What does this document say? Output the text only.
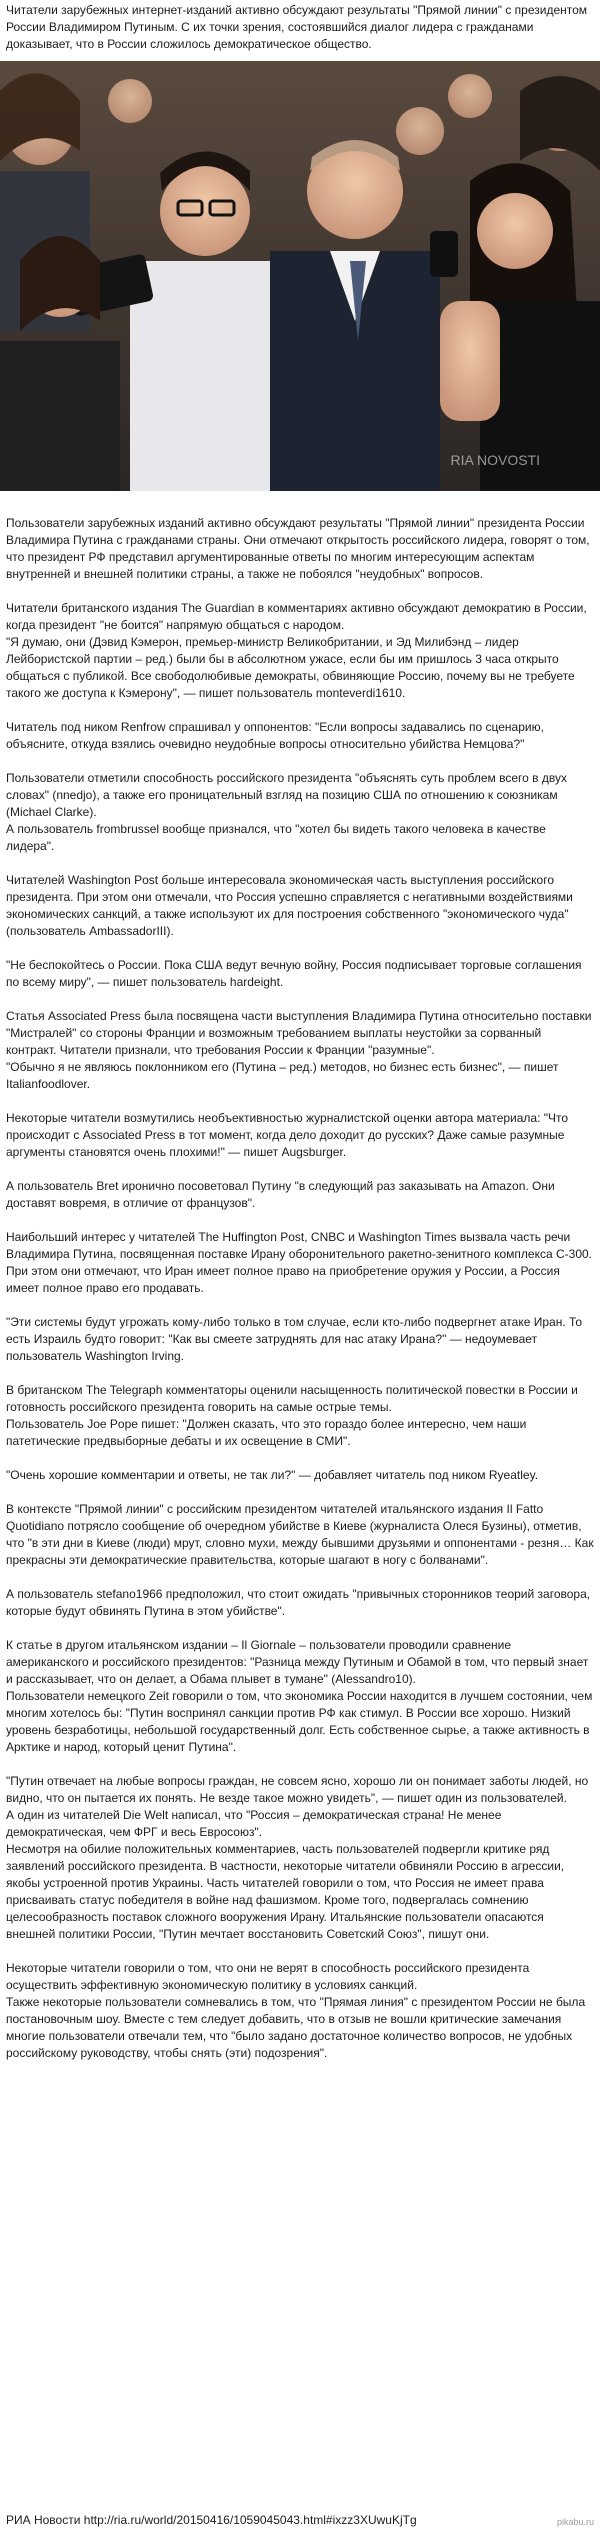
Читатели зарубежных интернет-изданий активно обсуждают результаты "Прямой линии" с президентом России Владимиром Путиным. С их точки зрения, состоявшийся диалог лидера с гражданами доказывает, что в России сложилось демократическое общество.
RIA NOVOSTI

Пользователи зарубежных изданий активно обсуждают результаты "Прямой линии" президента России Владимира Путина с гражданами страны. Они отмечают открытость российского лидера, говорят о том, что президент РФ представил аргументированные ответы по многим интересующим аспектам внутренней и внешней политики страны, а также не побоялся "неудобных" вопросов.

Читатели британского издания The Guardian в комментариях активно обсуждают демократию в России, когда президент "не боится" напрямую общаться с народом.

"Я думаю, они (Дэвид Кэмерон, премьер-министр Великобритании, и Эд Милибэнд – лидер Лейбористской партии – ред.) были бы в абсолютном ужасе, если бы им пришлось 3 часа открыто общаться с публикой. Все свободолюбивые демократы, обвиняющие Россию, почему вы не требуете такого же доступа к Кэмерону", — пишет пользователь monteverdi1610.

Читатель под ником Renfrow спрашивал у оппонентов: "Если вопросы задавались по сценарию, объясните, откуда взялись очевидно неудобные вопросы относительно убийства Немцова?"

Пользователи отметили способность российского президента "объяснять суть проблем всего в двух словах" (nnedjo), а также его проницательный взгляд на позицию США по отношению к союзникам (Michael Clarke).

А пользователь frombrussel вообще признался, что "хотел бы видеть такого человека в качестве лидера".

Читателей Washington Post больше интересовала экономическая часть выступления российского президента. При этом они отмечали, что Россия успешно справляется с негативными воздействиями экономических санкций, а также используют их для построения собственного "экономического чуда" (пользователь AmbassadorIII).

"Не беспокойтесь о России. Пока США ведут вечную войну, Россия подписывает торговые соглашения по всему миру", — пишет пользователь hardeight.

Статья Associated Press была посвящена части выступления Владимира Путина относительно поставки "Мистралей" со стороны Франции и возможным требованием выплаты неустойки за сорванный контракт. Читатели признали, что требования России к Франции "разумные".

"Обычно я не являюсь поклонником его (Путина – ред.) методов, но бизнес есть бизнес", — пишет Italianfoodlover.

Некоторые читатели возмутились необъективностью журналистской оценки автора материала: "Что происходит с Associated Press в тот момент, когда дело доходит до русских? Даже самые разумные аргументы становятся очень плохими!" — пишет Augsburger.

А пользователь Bret иронично посоветовал Путину "в следующий раз заказывать на Amazon. Они доставят вовремя, в отличие от французов".

Наибольший интерес у читателей The Huffington Post, CNBC и Washington Times вызвала часть речи Владимира Путина, посвященная поставке Ирану оборонительного ракетно-зенитного комплекса С-300. При этом они отмечают, что Иран имеет полное право на приобретение оружия у России, а Россия имеет полное право его продавать.

"Эти системы будут угрожать кому-либо только в том случае, если кто-либо подвергнет атаке Иран. То есть Израиль будто говорит: "Как вы смеете затруднять для нас атаку Ирана?" — недоумевает пользователь Washington Irving.

В британском The Telegraph комментаторы оценили насыщенность политической повестки в России и готовность российского президента говорить на самые острые темы.

Пользователь Joe Pope пишет: "Должен сказать, что это гораздо более интересно, чем наши патетические предвыборные дебаты и их освещение в СМИ".

"Очень хорошие комментарии и ответы, не так ли?" — добавляет читатель под ником Ryeatley.

В контексте "Прямой линии" с российским президентом читателей итальянского издания Il Fatto Quotidiano потрясло сообщение об очередном убийстве в Киеве (журналиста Олеся Бузины), отметив, что "в эти дни в Киеве (люди) мрут, словно мухи, между бывшими друзьями и оппонентами - резня… Как прекрасны эти демократические правительства, которые шагают в ногу с болванами".

А пользователь stefano1966 предположил, что стоит ожидать "привычных сторонников теорий заговора, которые будут обвинять Путина в этом убийстве".

К статье в другом итальянском издании – Il Giornale – пользователи проводили сравнение американского и российского президентов: "Разница между Путиным и Обамой в том, что первый знает и рассказывает, что он делает, а Обама плывет в тумане" (Alessandro10).

Пользователи немецкого Zeit говорили о том, что экономика России находится в лучшем состоянии, чем многим хотелось бы: "Путин воспринял санкции против РФ как стимул. В России все хорошо. Низкий уровень безработицы, небольшой государственный долг. Есть собственное сырье, а также активность в Арктике и народ, который ценит Путина".

"Путин отвечает на любые вопросы граждан, не совсем ясно, хорошо ли он понимает заботы людей, но видно, что он пытается их понять. Не везде такое можно увидеть", — пишет один из пользователей.

А один из читателей Die Welt написал, что "Россия – демократическая страна! Не менее демократическая, чем ФРГ и весь Евросоюз".

Несмотря на обилие положительных комментариев, часть пользователей подвергли критике ряд заявлений российского президента. В частности, некоторые читатели обвиняли Россию в агрессии, якобы устроенной против Украины. Часть читателей говорили о том, что Россия не имеет права присваивать статус победителя в войне над фашизмом. Кроме того, подвергалась сомнению целесообразность поставок сложного вооружения Ирану. Итальянские пользователи опасаются внешней политики России, "Путин мечтает восстановить Советский Союз", пишут они.

Некоторые читатели говорили о том, что они не верят в способность российского президента осуществить эффективную экономическую политику в условиях санкций.

Также некоторые пользователи сомневались в том, что "Прямая линия" с президентом России не была постановочным шоу. Вместе с тем следует добавить, что в отзыв не вошли критические замечания многие пользователи отвечали тем, что "было задано достаточное количество вопросов, не удобных российскому руководству, чтобы снять (эти) подозрения".

РИА Новости http://ria.ru/world/20150416/1059045043.html#ixzz3XUwuKjTg	pikabu.ru
